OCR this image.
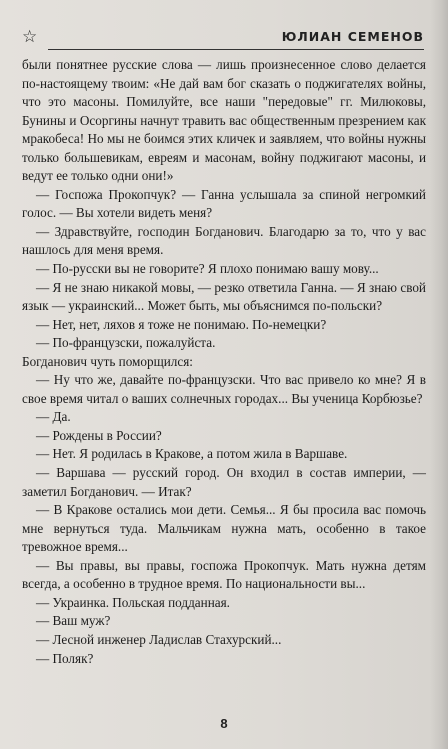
☆	ЮЛИАН СЕМЕНОВ

были понятнее русские слова — лишь произнесенное слово делается по-настоящему твоим: «Не дай вам бог сказать о поджигателях войны, что это масоны. Помилуйте, все наши "передовые" гг. Милюковы, Бунины и Осоргины начнут травить вас общественным презрением как мракобеса! Но мы не боимся этих кличек и заявляем, что войны нужны только большевикам, евреям и масонам, войну поджигают масоны, и ведут ее только одни они!»

— Госпожа Прокопчук? — Ганна услышала за спиной негромкий голос. — Вы хотели видеть меня?

— Здравствуйте, господин Богданович. Благодарю за то, что у вас нашлось для меня время.

— По-русски вы не говорите? Я плохо понимаю вашу мову...

— Я не знаю никакой мовы, — резко ответила Ганна. — Я знаю свой язык — украинский... Может быть, мы объяснимся по-польски?

— Нет, нет, ляхов я тоже не понимаю. По-немецки?

— По-французски, пожалуйста.

Богданович чуть поморщился:

— Ну что же, давайте по-французски. Что вас привело ко мне? Я в свое время читал о ваших солнечных городах... Вы ученица Корбюзье?

— Да.

— Рождены в России?

— Нет. Я родилась в Кракове, а потом жила в Варшаве.

— Варшава — русский город. Он входил в состав империи, — заметил Богданович. — Итак?

— В Кракове остались мои дети. Семья... Я бы просила вас помочь мне вернуться туда. Мальчикам нужна мать, особенно в такое тревожное время...

— Вы правы, вы правы, госпожа Прокопчук. Мать нужна детям всегда, а особенно в трудное время. По национальности вы...

— Украинка. Польская подданная.

— Ваш муж?

— Лесной инженер Ладислав Стахурский...

— Поляк?

8
